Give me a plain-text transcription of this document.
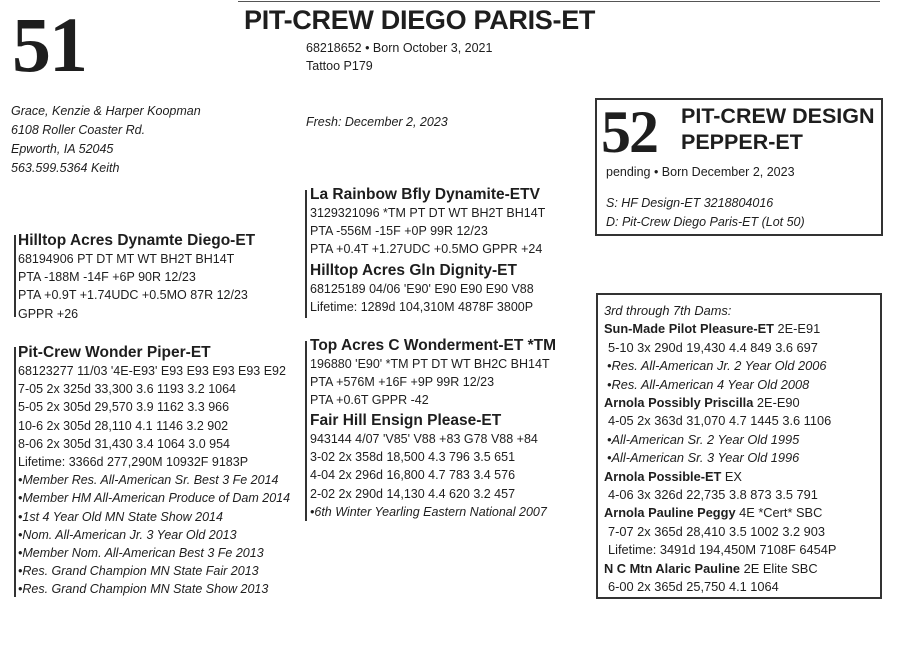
51	PIT-CREW DIEGO PARIS-ET
68218652 • Born October 3, 2021
Tattoo P179
Grace, Kenzie & Harper Koopman
6108 Roller Coaster Rd.
Epworth, IA 52045
563.599.5364 Keith
Fresh: December 2, 2023
Hilltop Acres Dynamte Diego-ET
68194906 PT DT MT WT BH2T BH14T
PTA -188M -14F +6P 90R 12/23
PTA +0.9T +1.74UDC +0.5MO 87R 12/23
GPPR +26
La Rainbow Bfly Dynamite-ETV
3129321096 *TM PT DT WT BH2T BH14T
PTA -556M -15F +0P 99R 12/23
PTA +0.4T +1.27UDC +0.5MO GPPR +24
Hilltop Acres Gln Dignity-ET
68125189 04/06 'E90' E90 E90 E90 V88
Lifetime: 1289d 104,310M 4878F 3800P
Pit-Crew Wonder Piper-ET
68123277 11/03 '4E-E93' E93 E93 E93 E93 E92
7-05 2x 325d 33,300 3.6 1193 3.2 1064
5-05 2x 305d 29,570 3.9 1162 3.3 966
10-6 2x 305d 28,110 4.1 1146 3.2 902
8-06 2x 305d 31,430 3.4 1064 3.0 954
Lifetime: 3366d 277,290M 10932F 9183P
•Member Res. All-American Sr. Best 3 Fe 2014
•Member HM All-American Produce of Dam 2014
•1st 4 Year Old MN State Show 2014
•Nom. All-American Jr. 3 Year Old 2013
•Member Nom. All-American Best 3 Fe 2013
•Res. Grand Champion MN State Fair 2013
•Res. Grand Champion MN State Show 2013
Top Acres C Wonderment-ET *TM
196880 'E90' *TM PT DT WT BH2C BH14T
PTA +576M +16F +9P 99R 12/23
PTA +0.6T GPPR -42
Fair Hill Ensign Please-ET
943144 4/07 'V85' V88 +83 G78 V88 +84
3-02 2x 358d 18,500 4.3 796 3.5 651
4-04 2x 296d 16,800 4.7 783 3.4 576
2-02 2x 290d 14,130 4.4 620 3.2 457
•6th Winter Yearling Eastern National 2007
52 PIT-CREW DESIGN
PEPPER-ET
pending • Born December 2, 2023
S: HF Design-ET 3218804016
D: Pit-Crew Diego Paris-ET (Lot 50)
3rd through 7th Dams:
Sun-Made Pilot Pleasure-ET 2E-E91
5-10 3x 290d 19,430 4.4 849 3.6 697
•Res. All-American Jr. 2 Year Old 2006
•Res. All-American 4 Year Old 2008
Arnola Possibly Priscilla 2E-E90
4-05 2x 363d 31,070 4.7 1445 3.6 1106
•All-American Sr. 2 Year Old 1995
•All-American Sr. 3 Year Old 1996
Arnola Possible-ET EX
4-06 3x 326d 22,735 3.8 873 3.5 791
Arnola Pauline Peggy 4E *Cert* SBC
7-07 2x 365d 28,410 3.5 1002 3.2 903
Lifetime: 3491d 194,450M 7108F 6454P
N C Mtn Alaric Pauline 2E Elite SBC
6-00 2x 365d 25,750 4.1 1064
